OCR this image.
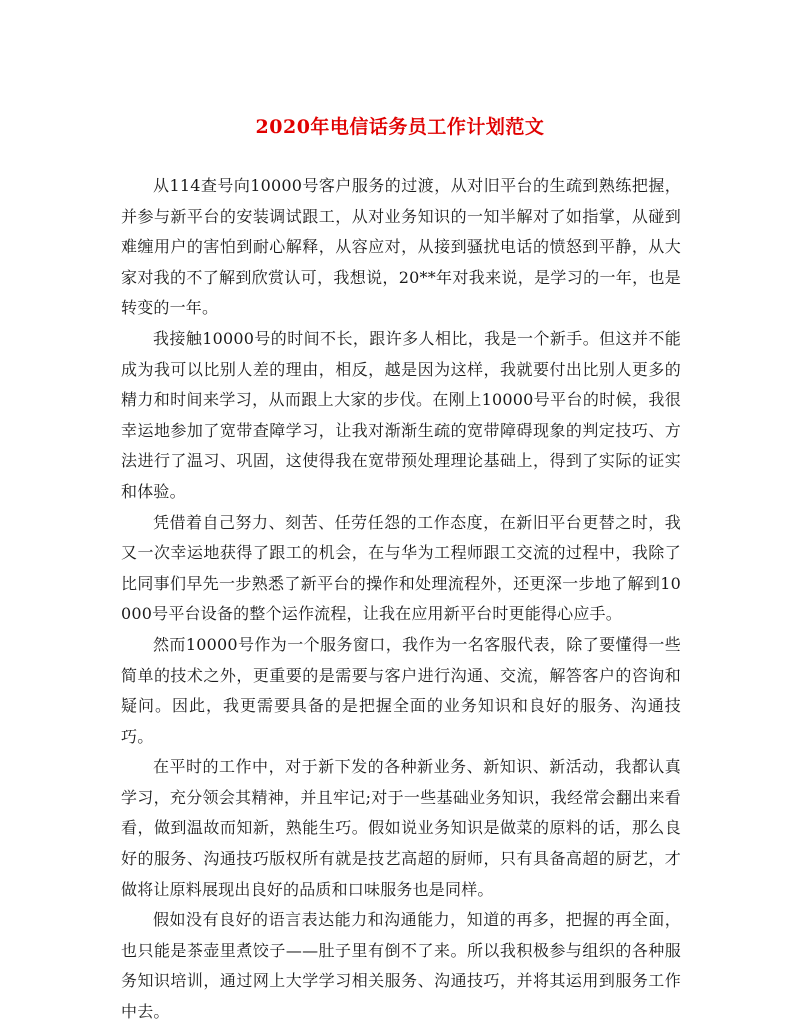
2020年电信话务员工作计划范文

从114查号向10000号客户服务的过渡，从对旧平台的生疏到熟练把握，并参与新平台的安装调试跟工，从对业务知识的一知半解对了如指掌，从碰到难缠用户的害怕到耐心解释，从容应对，从接到骚扰电话的愤怒到平静，从大家对我的不了解到欣赏认可，我想说，20**年对我来说，是学习的一年，也是转变的一年。

我接触10000号的时间不长，跟许多人相比，我是一个新手。但这并不能成为我可以比别人差的理由，相反，越是因为这样，我就要付出比别人更多的精力和时间来学习，从而跟上大家的步伐。在刚上10000号平台的时候，我很幸运地参加了宽带查障学习，让我对渐渐生疏的宽带障碍现象的判定技巧、方法进行了温习、巩固，这使得我在宽带预处理理论基础上，得到了实际的证实和体验。

凭借着自己努力、刻苦、任劳任怨的工作态度，在新旧平台更替之时，我又一次幸运地获得了跟工的机会，在与华为工程师跟工交流的过程中，我除了比同事们早先一步熟悉了新平台的操作和处理流程外，还更深一步地了解到10000号平台设备的整个运作流程，让我在应用新平台时更能得心应手。

然而10000号作为一个服务窗口，我作为一名客服代表，除了要懂得一些简单的技术之外，更重要的是需要与客户进行沟通、交流，解答客户的咨询和疑问。因此，我更需要具备的是把握全面的业务知识和良好的服务、沟通技巧。

在平时的工作中，对于新下发的各种新业务、新知识、新活动，我都认真学习，充分领会其精神，并且牢记;对于一些基础业务知识，我经常会翻出来看看，做到温故而知新，熟能生巧。假如说业务知识是做菜的原料的话，那么良好的服务、沟通技巧版权所有就是技艺高超的厨师，只有具备高超的厨艺，才做将让原料展现出良好的品质和口味服务也是同样。

假如没有良好的语言表达能力和沟通能力，知道的再多，把握的再全面，也只能是茶壶里煮饺子——肚子里有倒不了来。所以我积极参与组织的各种服务知识培训，通过网上大学学习相关服务、沟通技巧，并将其运用到服务工作中去。
